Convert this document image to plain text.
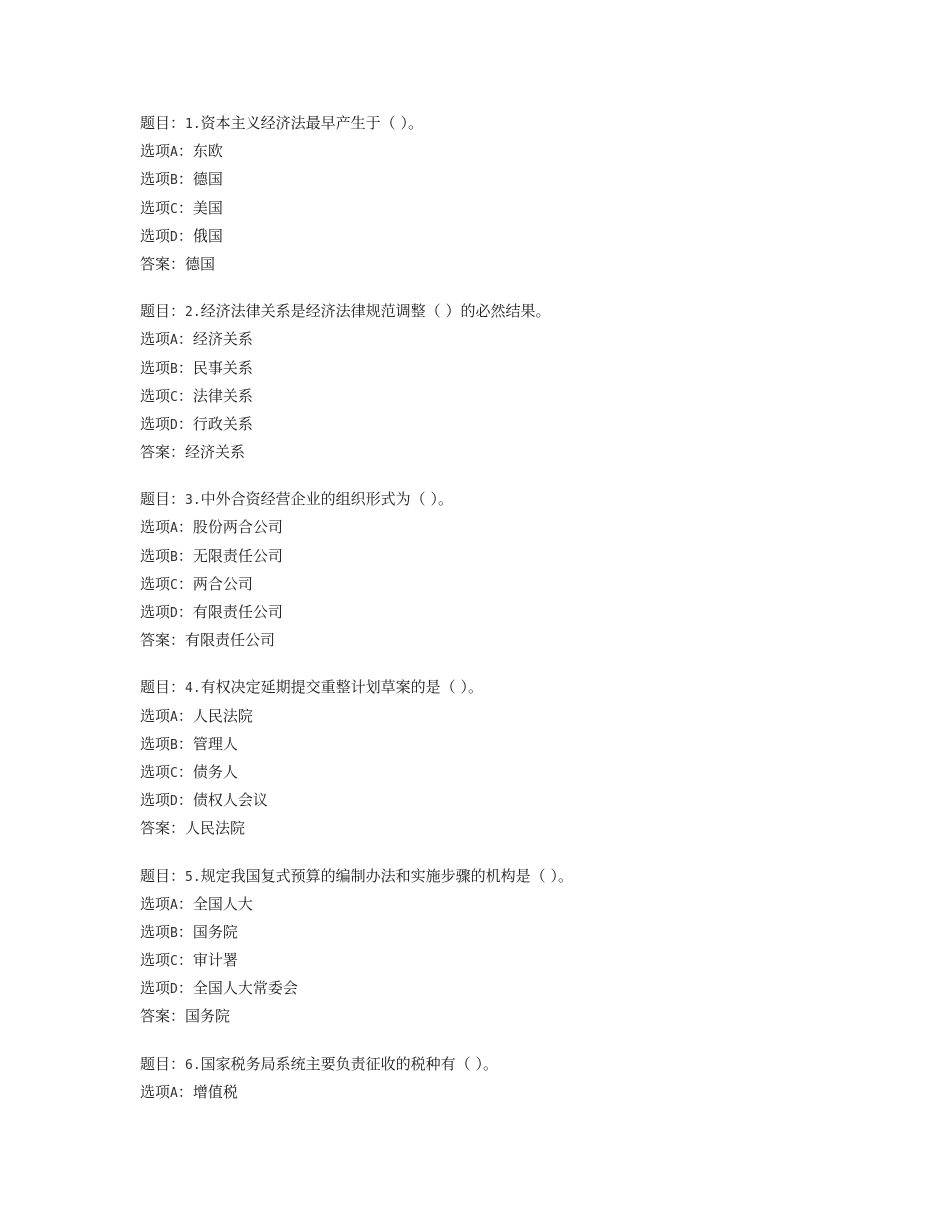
题目：1.资本主义经济法最早产生于（ ）。
选项A：东欧
选项B：德国
选项C：美国
选项D：俄国
答案：德国
题目：2.经济法律关系是经济法律规范调整（ ）的必然结果。
选项A：经济关系
选项B：民事关系
选项C：法律关系
选项D：行政关系
答案：经济关系
题目：3.中外合资经营企业的组织形式为（ ）。
选项A：股份两合公司
选项B：无限责任公司
选项C：两合公司
选项D：有限责任公司
答案：有限责任公司
题目：4.有权决定延期提交重整计划草案的是（ ）。
选项A：人民法院
选项B：管理人
选项C：债务人
选项D：债权人会议
答案：人民法院
题目：5.规定我国复式预算的编制办法和实施步骤的机构是（ ）。
选项A：全国人大
选项B：国务院
选项C：审计署
选项D：全国人大常委会
答案：国务院
题目：6.国家税务局系统主要负责征收的税种有（ ）。
选项A：增值税
